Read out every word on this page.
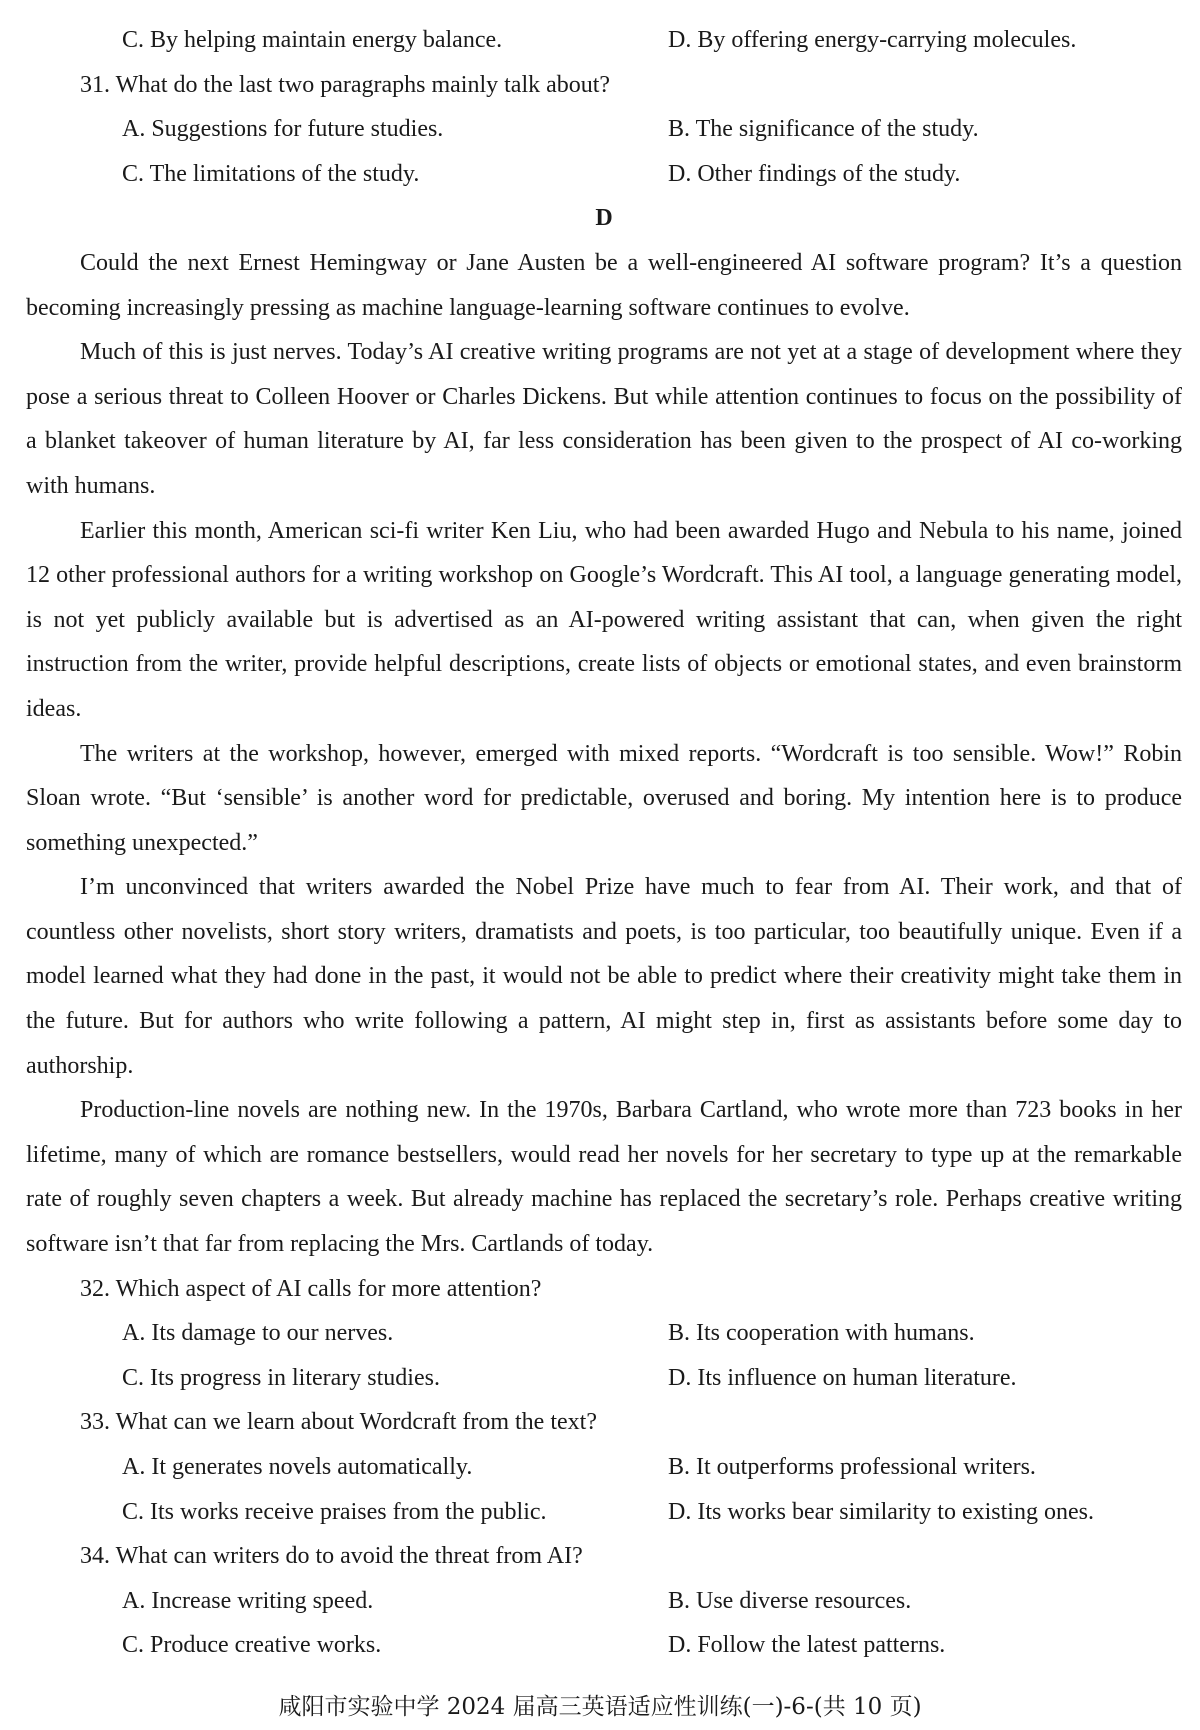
C. By helping maintain energy balance.	D. By offering energy-carrying molecules.
31. What do the last two paragraphs mainly talk about?
A. Suggestions for future studies.	B. The significance of the study.
C. The limitations of the study.	D. Other findings of the study.
D

Could the next Ernest Hemingway or Jane Austen be a well-engineered AI software program? It’s a question becoming increasingly pressing as machine language-learning software continues to evolve.

Much of this is just nerves. Today’s AI creative writing programs are not yet at a stage of development where they pose a serious threat to Colleen Hoover or Charles Dickens. But while attention continues to focus on the possibility of a blanket takeover of human literature by AI, far less consideration has been given to the prospect of AI co-working with humans.

Earlier this month, American sci-fi writer Ken Liu, who had been awarded Hugo and Nebula to his name, joined 12 other professional authors for a writing workshop on Google’s Wordcraft. This AI tool, a language generating model, is not yet publicly available but is advertised as an AI-powered writing assistant that can, when given the right instruction from the writer, provide helpful descriptions, create lists of objects or emotional states, and even brainstorm ideas.

The writers at the workshop, however, emerged with mixed reports. “Wordcraft is too sensible. Wow!” Robin Sloan wrote. “But ‘sensible’ is another word for predictable, overused and boring. My intention here is to produce something unexpected.”

I’m unconvinced that writers awarded the Nobel Prize have much to fear from AI. Their work, and that of countless other novelists, short story writers, dramatists and poets, is too particular, too beautifully unique. Even if a model learned what they had done in the past, it would not be able to predict where their creativity might take them in the future. But for authors who write following a pattern, AI might step in, first as assistants before some day to authorship.

Production-line novels are nothing new. In the 1970s, Barbara Cartland, who wrote more than 723 books in her lifetime, many of which are romance bestsellers, would read her novels for her secretary to type up at the remarkable rate of roughly seven chapters a week. But already machine has replaced the secretary’s role. Perhaps creative writing software isn’t that far from replacing the Mrs. Cartlands of today.

32. Which aspect of AI calls for more attention?
A. Its damage to our nerves.	B. Its cooperation with humans.
C. Its progress in literary studies.	D. Its influence on human literature.
33. What can we learn about Wordcraft from the text?
A. It generates novels automatically.	B. It outperforms professional writers.
C. Its works receive praises from the public.	D. Its works bear similarity to existing ones.
34. What can writers do to avoid the threat from AI?
A. Increase writing speed.	B. Use diverse resources.
C. Produce creative works.	D. Follow the latest patterns.
咸阳市实验中学 2024 届高三英语适应性训练(一)-6-(共 10 页)
